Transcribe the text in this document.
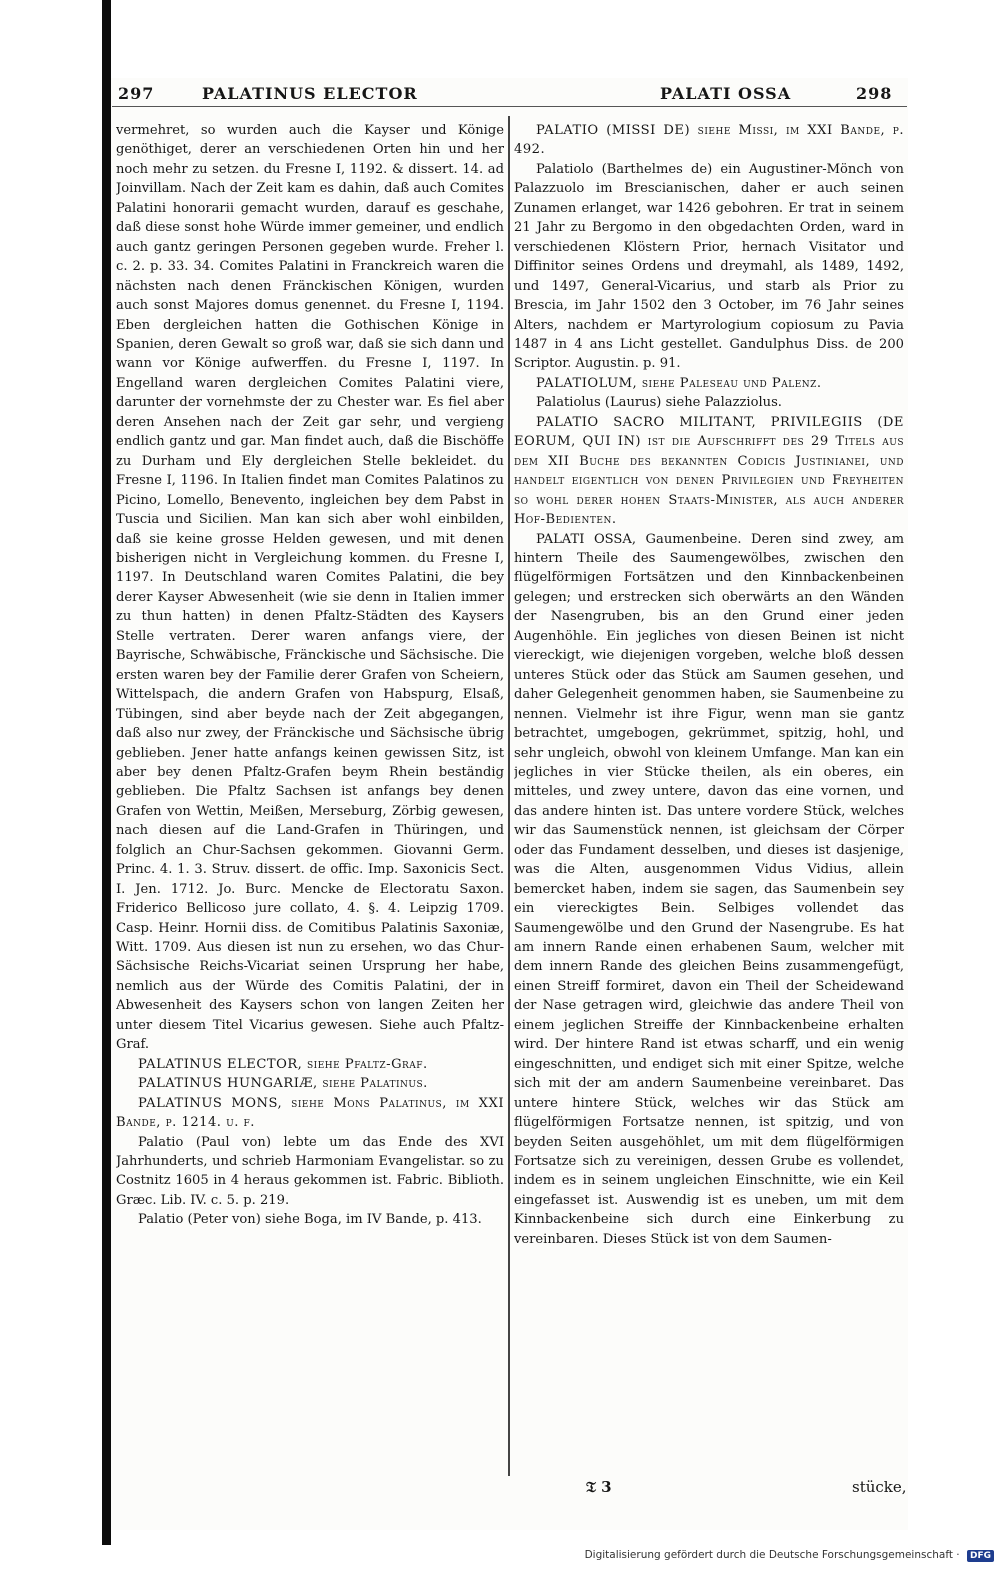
297	PALATINUS ELECTOR	PALATI OSSA	298

vermehret, so wurden auch die Kayser und Könige genöthiget, derer an verschiedenen Orten hin und her noch mehr zu setzen. du Fresne I, 1192. & dissert. 14. ad Joinvillam. Nach der Zeit kam es dahin, daß auch Comites Palatini honorarii gemacht wurden, darauf es geschahe, daß diese sonst hohe Würde immer gemeiner, und endlich auch gantz geringen Personen gegeben wurde. Freher l. c. 2. p. 33. 34. Comites Palatini in Franckreich waren die nächsten nach denen Fränckischen Königen, wurden auch sonst Majores domus genennet. du Fresne I, 1194. Eben dergleichen hatten die Gothischen Könige in Spanien, deren Gewalt so groß war, daß sie sich dann und wann vor Könige aufwerffen. du Fresne I, 1197. In Engelland waren dergleichen Comites Palatini viere, darunter der vornehmste der zu Chester war. Es fiel aber deren Ansehen nach der Zeit gar sehr, und vergieng endlich gantz und gar. Man findet auch, daß die Bischöffe zu Durham und Ely dergleichen Stelle bekleidet. du Fresne I, 1196. In Italien findet man Comites Palatinos zu Picino, Lomello, Benevento, ingleichen bey dem Pabst in Tuscia und Sicilien. Man kan sich aber wohl einbilden, daß sie keine grosse Helden gewesen, und mit denen bisherigen nicht in Vergleichung kommen. du Fresne I, 1197. In Deutschland waren Comites Palatini, die bey derer Kayser Abwesenheit (wie sie denn in Italien immer zu thun hatten) in denen Pfaltz-Städten des Kaysers Stelle vertraten. Derer waren anfangs viere, der Bayrische, Schwäbische, Fränckische und Sächsische. Die ersten waren bey der Familie derer Grafen von Scheiern, Wittelspach, die andern Grafen von Habspurg, Elsaß, Tübingen, sind aber beyde nach der Zeit abgegangen, daß also nur zwey, der Fränckische und Sächsische übrig geblieben. Jener hatte anfangs keinen gewissen Sitz, ist aber bey denen Pfaltz-Grafen beym Rhein beständig geblieben. Die Pfaltz Sachsen ist anfangs bey denen Grafen von Wettin, Meißen, Merseburg, Zörbig gewesen, nach diesen auf die Land-Grafen in Thüringen, und folglich an Chur-Sachsen gekommen. Giovanni Germ. Princ. 4. 1. 3. Struv. dissert. de offic. Imp. Saxonicis Sect. I. Jen. 1712. Jo. Burc. Mencke de Electoratu Saxon. Friderico Bellicoso jure collato, 4. §. 4. Leipzig 1709. Casp. Heinr. Hornii diss. de Comitibus Palatinis Saxoniæ, Witt. 1709. Aus diesen ist nun zu ersehen, wo das Chur-Sächsische Reichs-Vicariat seinen Ursprung her habe, nemlich aus der Würde des Comitis Palatini, der in Abwesenheit des Kaysers schon von langen Zeiten her unter diesem Titel Vicarius gewesen. Siehe auch Pfaltz-Graf.

PALATINUS ELECTOR, siehe Pfaltz-Graf.

PALATINUS HUNGARIÆ, siehe Palatinus.

PALATINUS MONS, siehe Mons Palatinus, im XXI Bande, p. 1214. u. f.

Palatio (Paul von) lebte um das Ende des XVI Jahrhunderts, und schrieb Harmoniam Evangelistar. so zu Costnitz 1605 in 4 heraus gekommen ist. Fabric. Biblioth. Græc. Lib. IV. c. 5. p. 219.

Palatio (Peter von) siehe Boga, im IV Bande, p. 413.

PALATIO (MISSI DE) siehe Missi, im XXI Bande, p. 492.

Palatiolo (Barthelmes de) ein Augustiner-Mönch von Palazzuolo im Brescianischen, daher er auch seinen Zunamen erlanget, war 1426 gebohren. Er trat in seinem 21 Jahr zu Bergomo in den obgedachten Orden, ward in verschiedenen Klöstern Prior, hernach Visitator und Diffinitor seines Ordens und dreymahl, als 1489, 1492, und 1497, General-Vicarius, und starb als Prior zu Brescia, im Jahr 1502 den 3 October, im 76 Jahr seines Alters, nachdem er Martyrologium copiosum zu Pavia 1487 in 4 ans Licht gestellet. Gandulphus Diss. de 200 Scriptor. Augustin. p. 91.

PALATIOLUM, siehe Paleseau und Palenz.

Palatiolus (Laurus) siehe Palazziolus.

PALATIO SACRO MILITANT, PRIVILEGIIS (DE EORUM, QUI IN) ist die Aufschrifft des 29 Titels aus dem XII Buche des bekannten Codicis Justinianei, und handelt eigentlich von denen Privilegien und Freyheiten so wohl derer hohen Staats-Minister, als auch anderer Hof-Bedienten.

PALATI OSSA, Gaumenbeine. Deren sind zwey, am hintern Theile des Saumengewölbes, zwischen den flügelförmigen Fortsätzen und den Kinnbackenbeinen gelegen; und erstrecken sich oberwärts an den Wänden der Nasengruben, bis an den Grund einer jeden Augenhöhle. Ein jegliches von diesen Beinen ist nicht viereckigt, wie diejenigen vorgeben, welche bloß dessen unteres Stück oder das Stück am Saumen gesehen, und daher Gelegenheit genommen haben, sie Saumenbeine zu nennen. Vielmehr ist ihre Figur, wenn man sie gantz betrachtet, umgebogen, gekrümmet, spitzig, hohl, und sehr ungleich, obwohl von kleinem Umfange. Man kan ein jegliches in vier Stücke theilen, als ein oberes, ein mitteles, und zwey untere, davon das eine vornen, und das andere hinten ist. Das untere vordere Stück, welches wir das Saumenstück nennen, ist gleichsam der Cörper oder das Fundament desselben, und dieses ist dasjenige, was die Alten, ausgenommen Vidus Vidius, allein bemercket haben, indem sie sagen, das Saumenbein sey ein viereckigtes Bein. Selbiges vollendet das Saumengewölbe und den Grund der Nasengrube. Es hat am innern Rande einen erhabenen Saum, welcher mit dem innern Rande des gleichen Beins zusammengefügt, einen Streiff formiret, davon ein Theil der Scheidewand der Nase getragen wird, gleichwie das andere Theil von einem jeglichen Streiffe der Kinnbackenbeine erhalten wird. Der hintere Rand ist etwas scharff, und ein wenig eingeschnitten, und endiget sich mit einer Spitze, welche sich mit der am andern Saumenbeine vereinbaret. Das untere hintere Stück, welches wir das Stück am flügelförmigen Fortsatze nennen, ist spitzig, und von beyden Seiten ausgehöhlet, um mit dem flügelförmigen Fortsatze sich zu vereinigen, dessen Grube es vollendet, indem es in seinem ungleichen Einschnitte, wie ein Keil eingefasset ist. Auswendig ist es uneben, um mit dem Kinnbackenbeine sich durch eine Einkerbung zu vereinbaren. Dieses Stück ist von dem Saumen-

𝔗 3	stücke,
Digitalisierung gefördert durch die Deutsche Forschungsgemeinschaft · DFG
